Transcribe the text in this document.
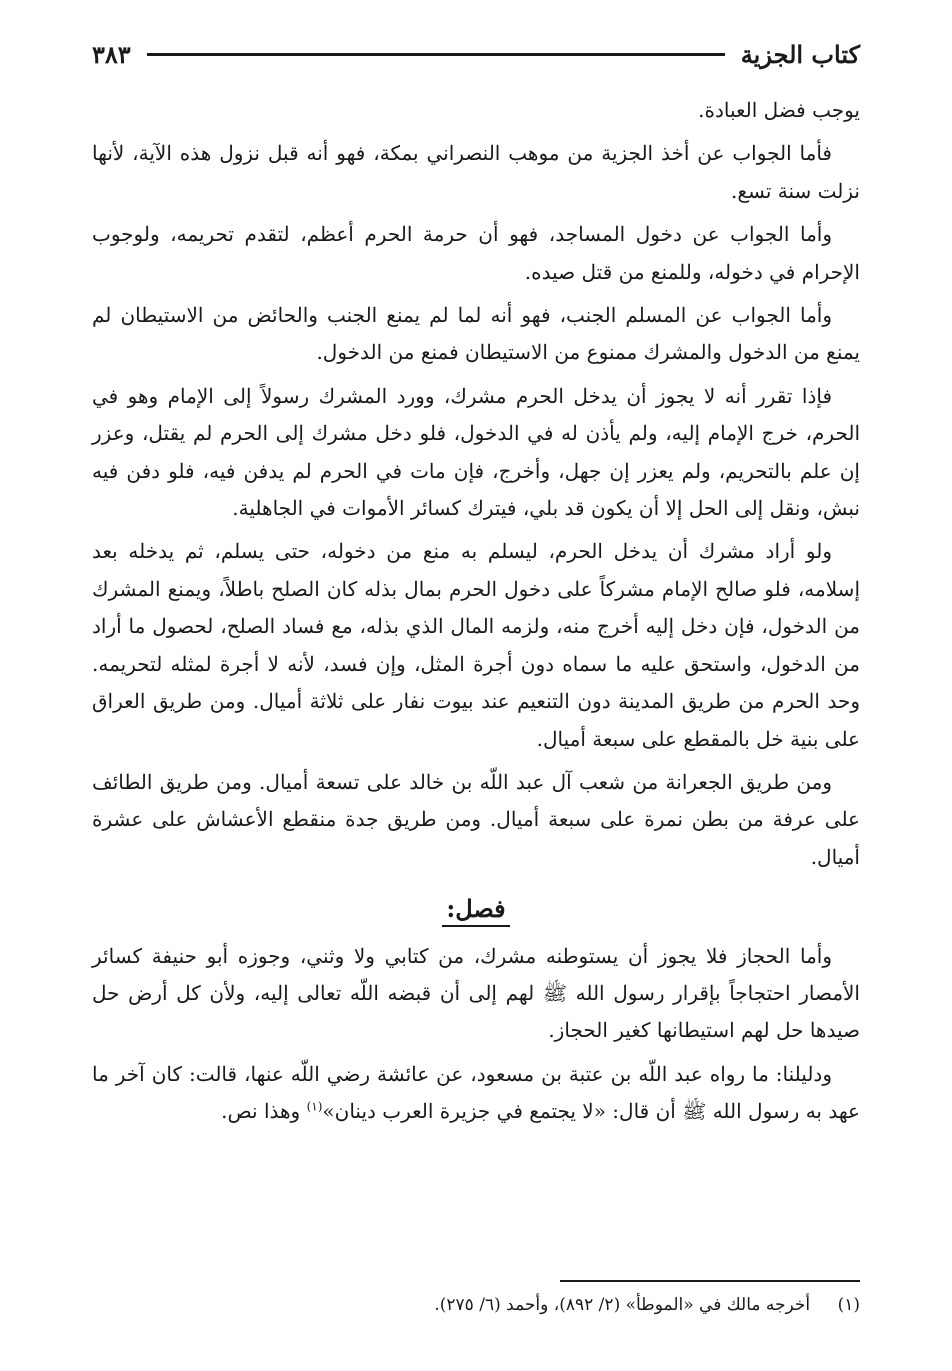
كتاب الجزية
٣٨٣

يوجب فضل العبادة.

فأما الجواب عن أخذ الجزية من موهب النصراني بمكة، فهو أنه قبل نزول هذه الآية، لأنها نزلت سنة تسع.

وأما الجواب عن دخول المساجد، فهو أن حرمة الحرم أعظم، لتقدم تحريمه، ولوجوب الإحرام في دخوله، وللمنع من قتل صيده.

وأما الجواب عن المسلم الجنب، فهو أنه لما لم يمنع الجنب والحائض من الاستيطان لم يمنع من الدخول والمشرك ممنوع من الاستيطان فمنع من الدخول.

فإذا تقرر أنه لا يجوز أن يدخل الحرم مشرك، وورد المشرك رسولاً إلى الإمام وهو في الحرم، خرج الإمام إليه، ولم يأذن له في الدخول، فلو دخل مشرك إلى الحرم لم يقتل، وعزر إن علم بالتحريم، ولم يعزر إن جهل، وأخرج، فإن مات في الحرم لم يدفن فيه، فلو دفن فيه نبش، ونقل إلى الحل إلا أن يكون قد بلي، فيترك كسائر الأموات في الجاهلية.

ولو أراد مشرك أن يدخل الحرم، ليسلم به منع من دخوله، حتى يسلم، ثم يدخله بعد إسلامه، فلو صالح الإمام مشركاً على دخول الحرم بمال بذله كان الصلح باطلاً، ويمنع المشرك من الدخول، فإن دخل إليه أخرج منه، ولزمه المال الذي بذله، مع فساد الصلح، لحصول ما أراد من الدخول، واستحق عليه ما سماه دون أجرة المثل، وإن فسد، لأنه لا أجرة لمثله لتحريمه. وحد الحرم من طريق المدينة دون التنعيم عند بيوت نفار على ثلاثة أميال. ومن طريق العراق على بنية خل بالمقطع على سبعة أميال.

ومن طريق الجعرانة من شعب آل عبد اللّه بن خالد على تسعة أميال. ومن طريق الطائف على عرفة من بطن نمرة على سبعة أميال. ومن طريق جدة منقطع الأعشاش على عشرة أميال.

فصل:

وأما الحجاز فلا يجوز أن يستوطنه مشرك، من كتابي ولا وثني، وجوزه أبو حنيفة كسائر الأمصار احتجاجاً بإقرار رسول الله ﷺ لهم إلى أن قبضه اللّه تعالى إليه، ولأن كل أرض حل صيدها حل لهم استيطانها كغير الحجاز.

ودليلنا: ما رواه عبد اللّه بن عتبة بن مسعود، عن عائشة رضي اللّه عنها، قالت: كان آخر ما عهد به رسول الله ﷺ أن قال: «لا يجتمع في جزيرة العرب دينان»$^{(١)}$ وهذا نص.

(١) أخرجه مالك في «الموطأ» (٢/ ٨٩٢)، وأحمد (٦/ ٢٧٥).
